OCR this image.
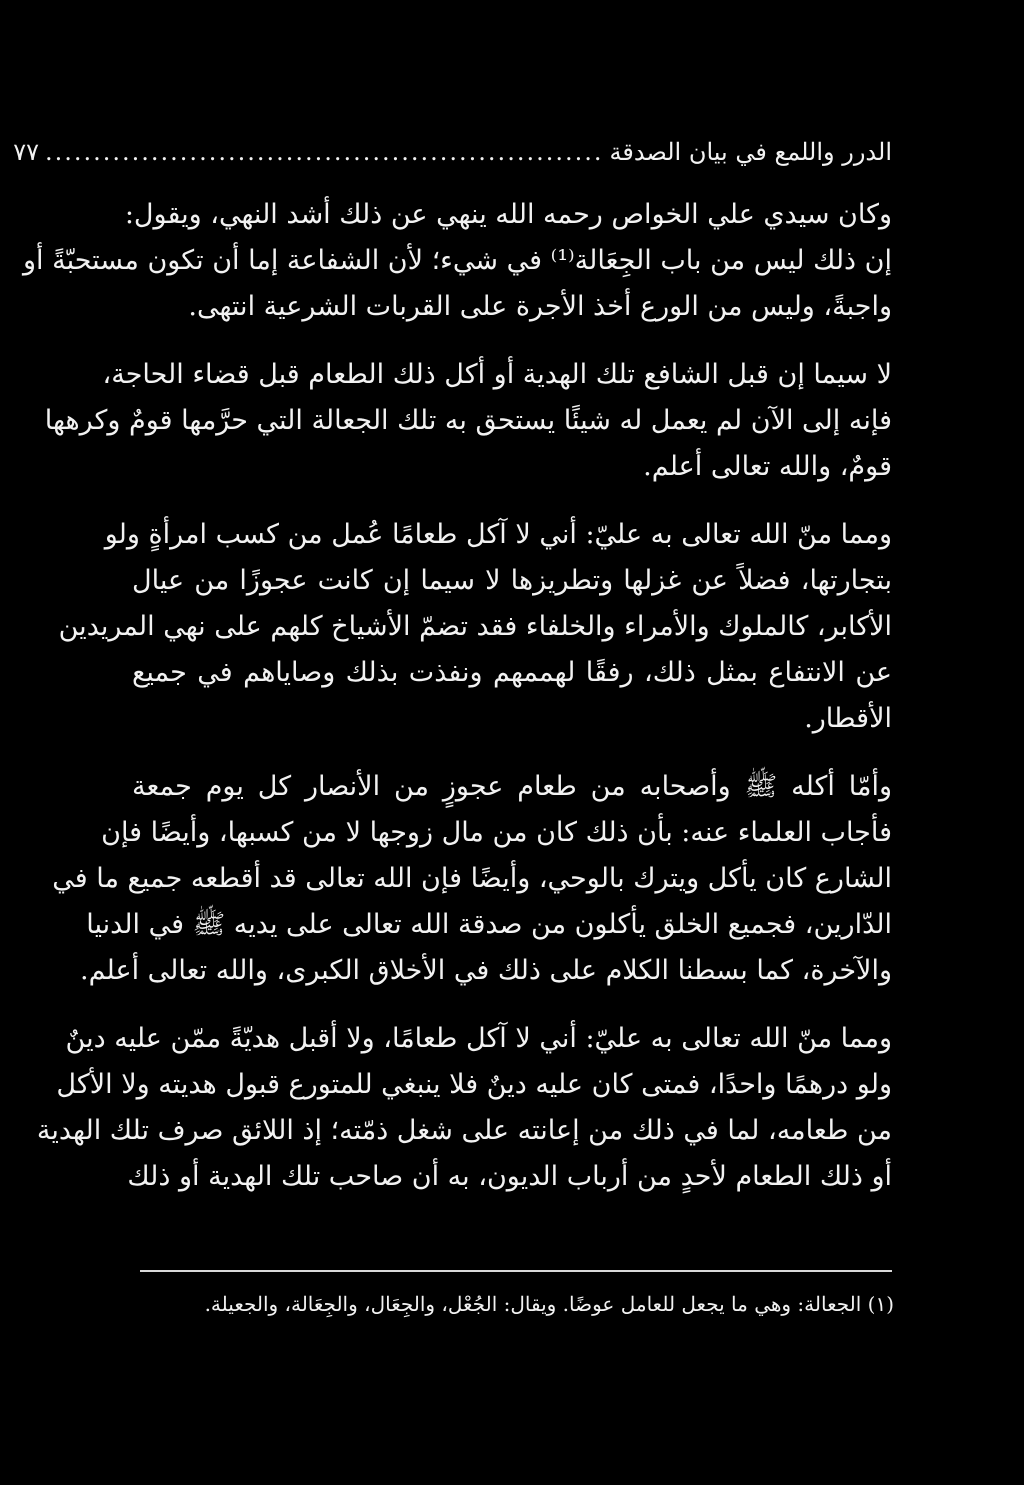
الدرر واللمع في بيان الصدقة
..........................................................
٧٧
وكان سيدي علي الخواص رحمه الله ينهي عن ذلك أشد النهي، ويقول:
إن ذلك ليس من باب الجِعَالة⁽¹⁾ في شيء؛ لأن الشفاعة إما أن تكون مستحبّةً أو
واجبةً، وليس من الورع أخذ الأجرة على القربات الشرعية انتهى.
لا سيما إن قبل الشافع تلك الهدية أو أكل ذلك الطعام قبل قضاء الحاجة،
فإنه إلى الآن لم يعمل له شيئًا يستحق به تلك الجعالة التي حرَّمها قومٌ وكرهها
قومٌ، والله تعالى أعلم.
ومما منّ الله تعالى به عليّ: أني لا آكل طعامًا عُمل من كسب امرأةٍ ولو
بتجارتها، فضلاً عن غزلها وتطريزها لا سيما إن كانت عجوزًا من عيال
الأكابر، كالملوك والأمراء والخلفاء فقد تضمّ الأشياخ كلهم على نهي المريدين
عن الانتفاع بمثل ذلك، رفقًا لهممهم ونفذت بذلك وصاياهم في جميع
الأقطار.
وأمّا أكله ﷺ وأصحابه من طعام عجوزٍ من الأنصار كل يوم جمعة
فأجاب العلماء عنه: بأن ذلك كان من مال زوجها لا من كسبها، وأيضًا فإن
الشارع كان يأكل ويترك بالوحي، وأيضًا فإن الله تعالى قد أقطعه جميع ما في
الدّارين، فجميع الخلق يأكلون من صدقة الله تعالى على يديه ﷺ في الدنيا
والآخرة، كما بسطنا الكلام على ذلك في الأخلاق الكبرى، والله تعالى أعلم.
ومما منّ الله تعالى به عليّ: أني لا آكل طعامًا، ولا أقبل هديّةً ممّن عليه دينٌ
ولو درهمًا واحدًا، فمتى كان عليه دينٌ فلا ينبغي للمتورع قبول هديته ولا الأكل
من طعامه، لما في ذلك من إعانته على شغل ذمّته؛ إذ اللائق صرف تلك الهدية
أو ذلك الطعام لأحدٍ من أرباب الديون، به أن صاحب تلك الهدية أو ذلك
(١) الجعالة: وهي ما يجعل للعامل عوضًا. ويقال: الجُعْل، والجِعَال، والجِعَالة، والجعيلة.
